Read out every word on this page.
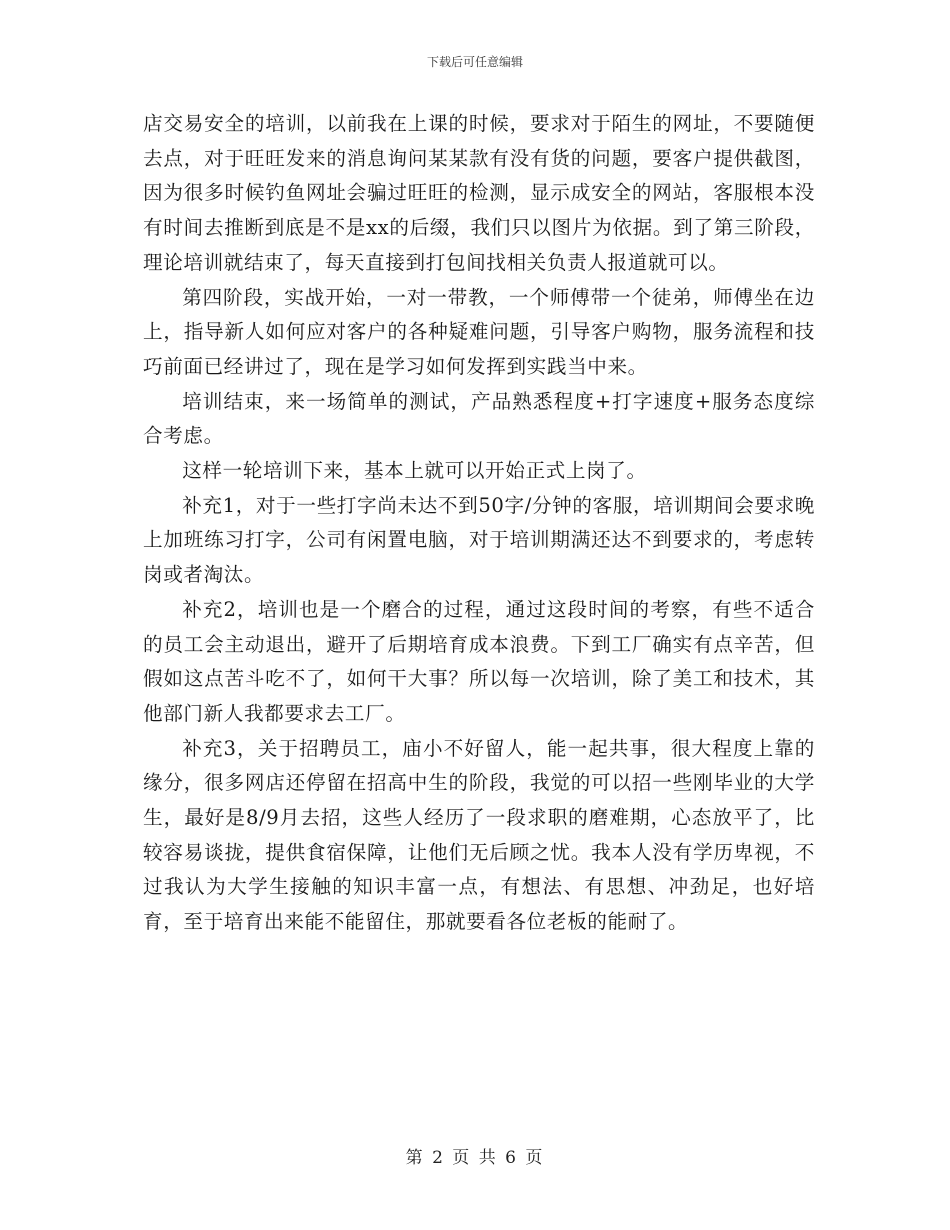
下载后可任意编辑

店交易安全的培训，以前我在上课的时候，要求对于陌生的网址，不要随便去点，对于旺旺发来的消息询问某某款有没有货的问题，要客户提供截图，因为很多时候钓鱼网址会骗过旺旺的检测，显示成安全的网站，客服根本没有时间去推断到底是不是xx的后缀，我们只以图片为依据。到了第三阶段，理论培训就结束了，每天直接到打包间找相关负责人报道就可以。

第四阶段，实战开始，一对一带教，一个师傅带一个徒弟，师傅坐在边上，指导新人如何应对客户的各种疑难问题，引导客户购物，服务流程和技巧前面已经讲过了，现在是学习如何发挥到实践当中来。

培训结束，来一场简单的测试，产品熟悉程度+打字速度+服务态度综合考虑。

这样一轮培训下来，基本上就可以开始正式上岗了。

补充1，对于一些打字尚未达不到50字/分钟的客服，培训期间会要求晚上加班练习打字，公司有闲置电脑，对于培训期满还达不到要求的，考虑转岗或者淘汰。

补充2，培训也是一个磨合的过程，通过这段时间的考察，有些不适合的员工会主动退出，避开了后期培育成本浪费。下到工厂确实有点辛苦，但假如这点苦斗吃不了，如何干大事？所以每一次培训，除了美工和技术，其他部门新人我都要求去工厂。

补充3，关于招聘员工，庙小不好留人，能一起共事，很大程度上靠的缘分，很多网店还停留在招高中生的阶段，我觉的可以招一些刚毕业的大学生，最好是8/9月去招，这些人经历了一段求职的磨难期，心态放平了，比较容易谈拢，提供食宿保障，让他们无后顾之忧。我本人没有学历卑视，不过我认为大学生接触的知识丰富一点，有想法、有思想、冲劲足，也好培育，至于培育出来能不能留住，那就要看各位老板的能耐了。

第 2 页 共 6 页
